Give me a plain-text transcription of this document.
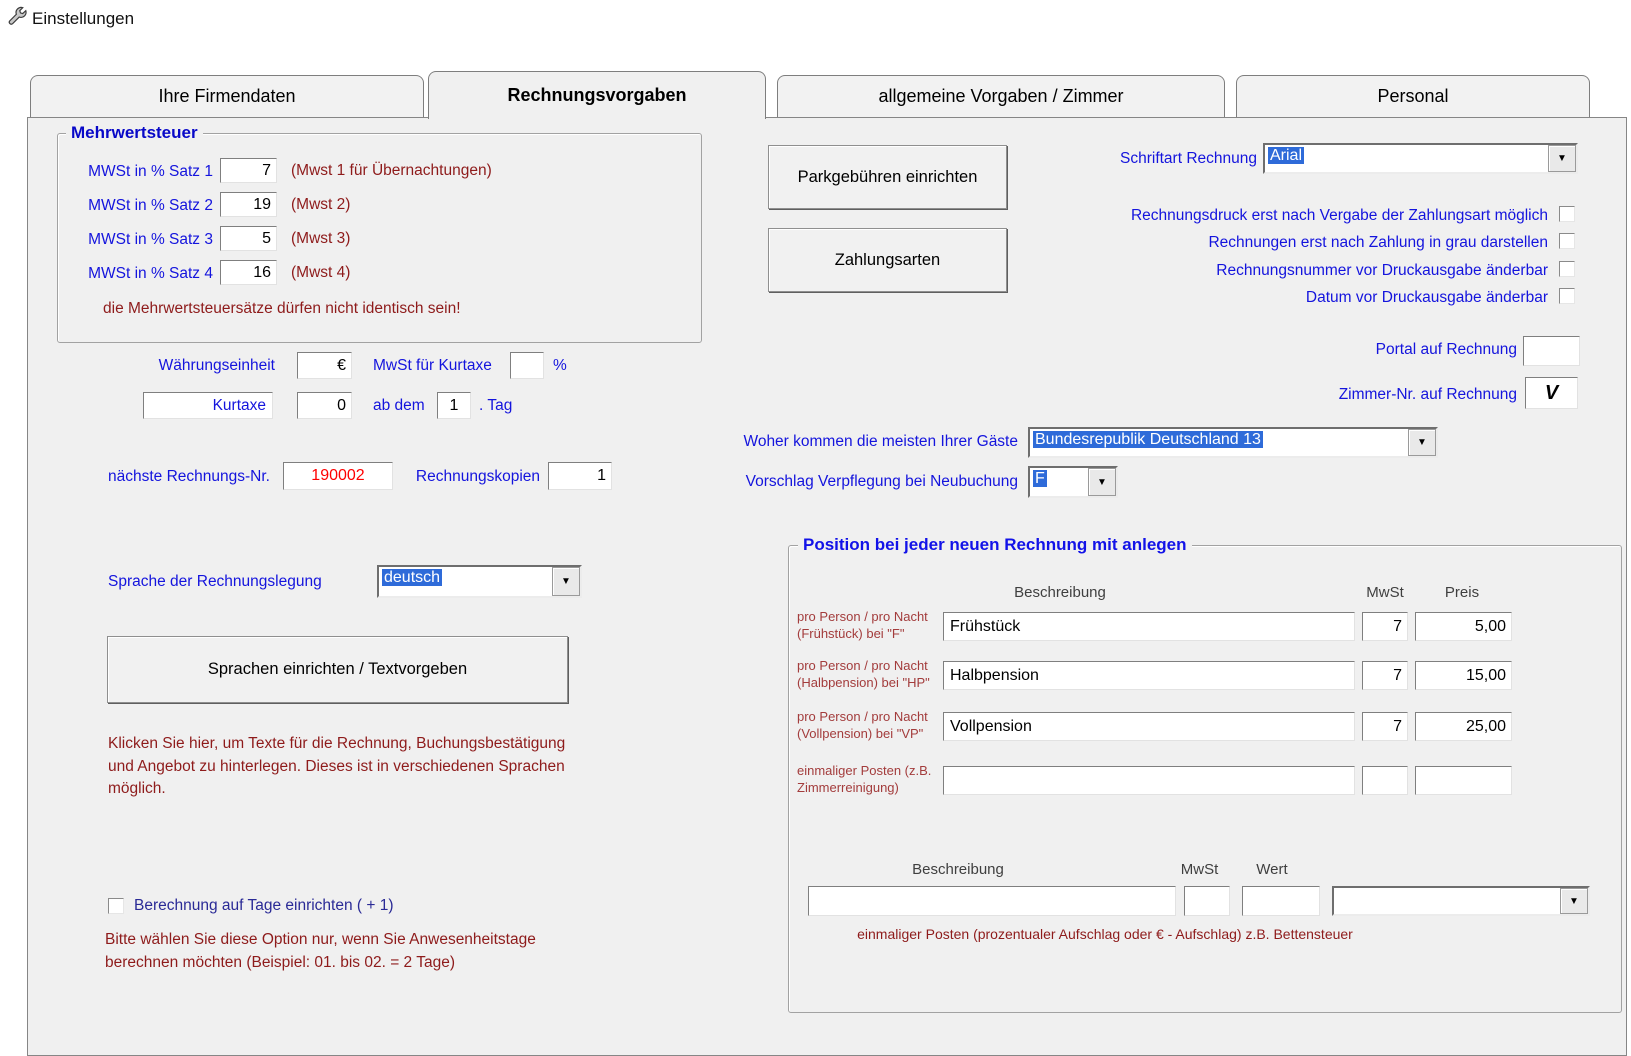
Einstellungen
Ihre Firmendaten	Rechnungsvorgaben	allgemeine Vorgaben / Zimmer	Personal
Mehrwertsteuer
MWSt in % Satz 1	7	(Mwst 1 für Übernachtungen)
MWSt in % Satz 2	19	(Mwst 2)
MWSt in % Satz 3	5	(Mwst 3)
MWSt in % Satz 4	16	(Mwst 4)
die Mehrwertsteuersätze dürfen nicht identisch sein!
Währungseinheit	€	MwSt für Kurtaxe	%
Kurtaxe	0	ab dem	1	. Tag
nächste Rechnungs-Nr.	190002	Rechnungskopien	1
Sprache der Rechnungslegung	deutsch	▼
Sprachen einrichten / Textvorgeben
Klicken Sie hier, um Texte für die Rechnung, Buchungsbestätigung und Angebot zu hinterlegen. Dieses ist in verschiedenen Sprachen möglich.
Berechnung auf Tage einrichten ( + 1)
Bitte wählen Sie diese Option nur, wenn Sie Anwesenheitstage berechnen möchten (Beispiel: 01. bis 02. = 2 Tage)
Parkgebühren einrichten
Zahlungsarten
Schriftart Rechnung Arial	▼
Rechnungsdruck erst nach Vergabe der Zahlungsart möglich
Rechnungen erst nach Zahlung in grau darstellen
Rechnungsnummer vor Druckausgabe änderbar
Datum vor Druckausgabe änderbar
Portal auf Rechnung
Zimmer-Nr. auf Rechnung	V
Woher kommen die meisten Ihrer Gäste	Bundesrepublik Deutschland 13	▼
Vorschlag Verpflegung bei Neubuchung	F	▼
Position bei jeder neuen Rechnung mit anlegen
Beschreibung	MwSt	Preis
pro Person / pro Nacht
(Frühstück) bei "F"	Frühstück	7	5,00
pro Person / pro Nacht
(Halbpension) bei "HP"	Halbpension	7	15,00
pro Person / pro Nacht
(Vollpension) bei "VP"	Vollpension	7	25,00
einmaliger Posten (z.B.
Zimmerreinigung)
Beschreibung	MwSt	Wert
▼
einmaliger Posten (prozentualer Aufschlag oder € - Aufschlag) z.B. Bettensteuer
